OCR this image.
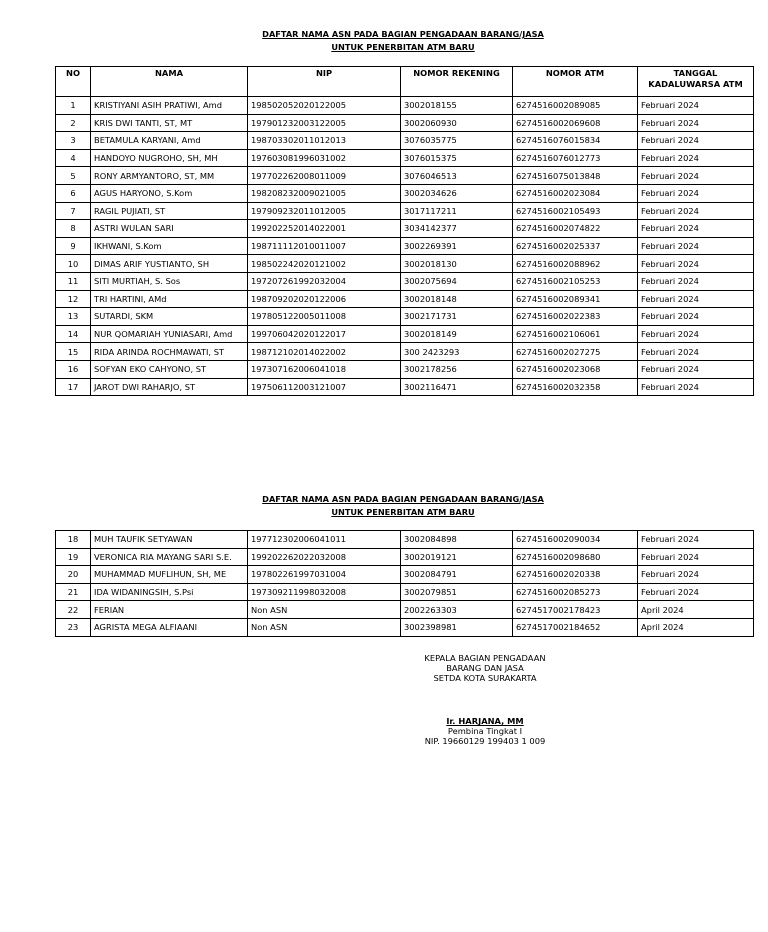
DAFTAR NAMA ASN PADA BAGIAN PENGADAAN BARANG/JASA
UNTUK PENERBITAN ATM BARU
NO	NAMA	NIP	NOMOR REKENING	NOMOR ATM	TANGGAL
KADALUWARSA ATM

1	KRISTIYANI ASIH PRATIWI, Amd	198502052020122005	3002018155	6274516002089085	Februari 2024
2	KRIS DWI TANTI, ST, MT	197901232003122005	3002060930	6274516002069608	Februari 2024
3	BETAMULA KARYANI, Amd	198703302011012013	3076035775	6274516076015834	Februari 2024
4	HANDOYO NUGROHO, SH, MH	197603081996031002	3076015375	6274516076012773	Februari 2024
5	RONY ARMYANTORO, ST, MM	197702262008011009	3076046513	6274516075013848	Februari 2024
6	AGUS HARYONO, S.Kom	198208232009021005	3002034626	6274516002023084	Februari 2024
7	RAGIL PUJIATI, ST	197909232011012005	3017117211	6274516002105493	Februari 2024
8	ASTRI WULAN SARI	199202252014022001	3034142377	6274516002074822	Februari 2024
9	IKHWANI, S.Kom	198711112010011007	3002269391	6274516002025337	Februari 2024
10	DIMAS ARIF YUSTIANTO, SH	198502242020121002	3002018130	6274516002088962	Februari 2024
11	SITI MURTIAH, S. Sos	197207261992032004	3002075694	6274516002105253	Februari 2024
12	TRI HARTINI, AMd	198709202020122006	3002018148	6274516002089341	Februari 2024
13	SUTARDI, SKM	197805122005011008	3002171731	6274516002022383	Februari 2024
14	NUR QOMARIAH YUNIASARI, Amd	199706042020122017	3002018149	6274516002106061	Februari 2024
15	RIDA ARINDA ROCHMAWATI, ST	198712102014022002	300 2423293	6274516002027275	Februari 2024
16	SOFYAN EKO CAHYONO, ST	197307162006041018	3002178256	6274516002023068	Februari 2024
17	JAROT DWI RAHARJO, ST	197506112003121007	3002116471	6274516002032358	Februari 2024
DAFTAR NAMA ASN PADA BAGIAN PENGADAAN BARANG/JASA
UNTUK PENERBITAN ATM BARU
18	MUH TAUFIK SETYAWAN	197712302006041011	3002084898	6274516002090034	Februari 2024
19	VERONICA RIA MAYANG SARI S.E.	199202262022032008	3002019121	6274516002098680	Februari 2024
20	MUHAMMAD MUFLIHUN, SH, ME	197802261997031004	3002084791	6274516002020338	Februari 2024
21	IDA WIDANINGSIH, S.Psi	197309211998032008	3002079851	6274516002085273	Februari 2024
22	FERIAN	Non ASN	2002263303	6274517002178423	April 2024
23	AGRISTA MEGA ALFIAANI	Non ASN	3002398981	6274517002184652	April 2024
KEPALA BAGIAN PENGADAAN
BARANG DAN JASA
SETDA KOTA SURAKARTA
Ir. HARJANA, MM
Pembina Tingkat I
NIP. 19660129 199403 1 009
